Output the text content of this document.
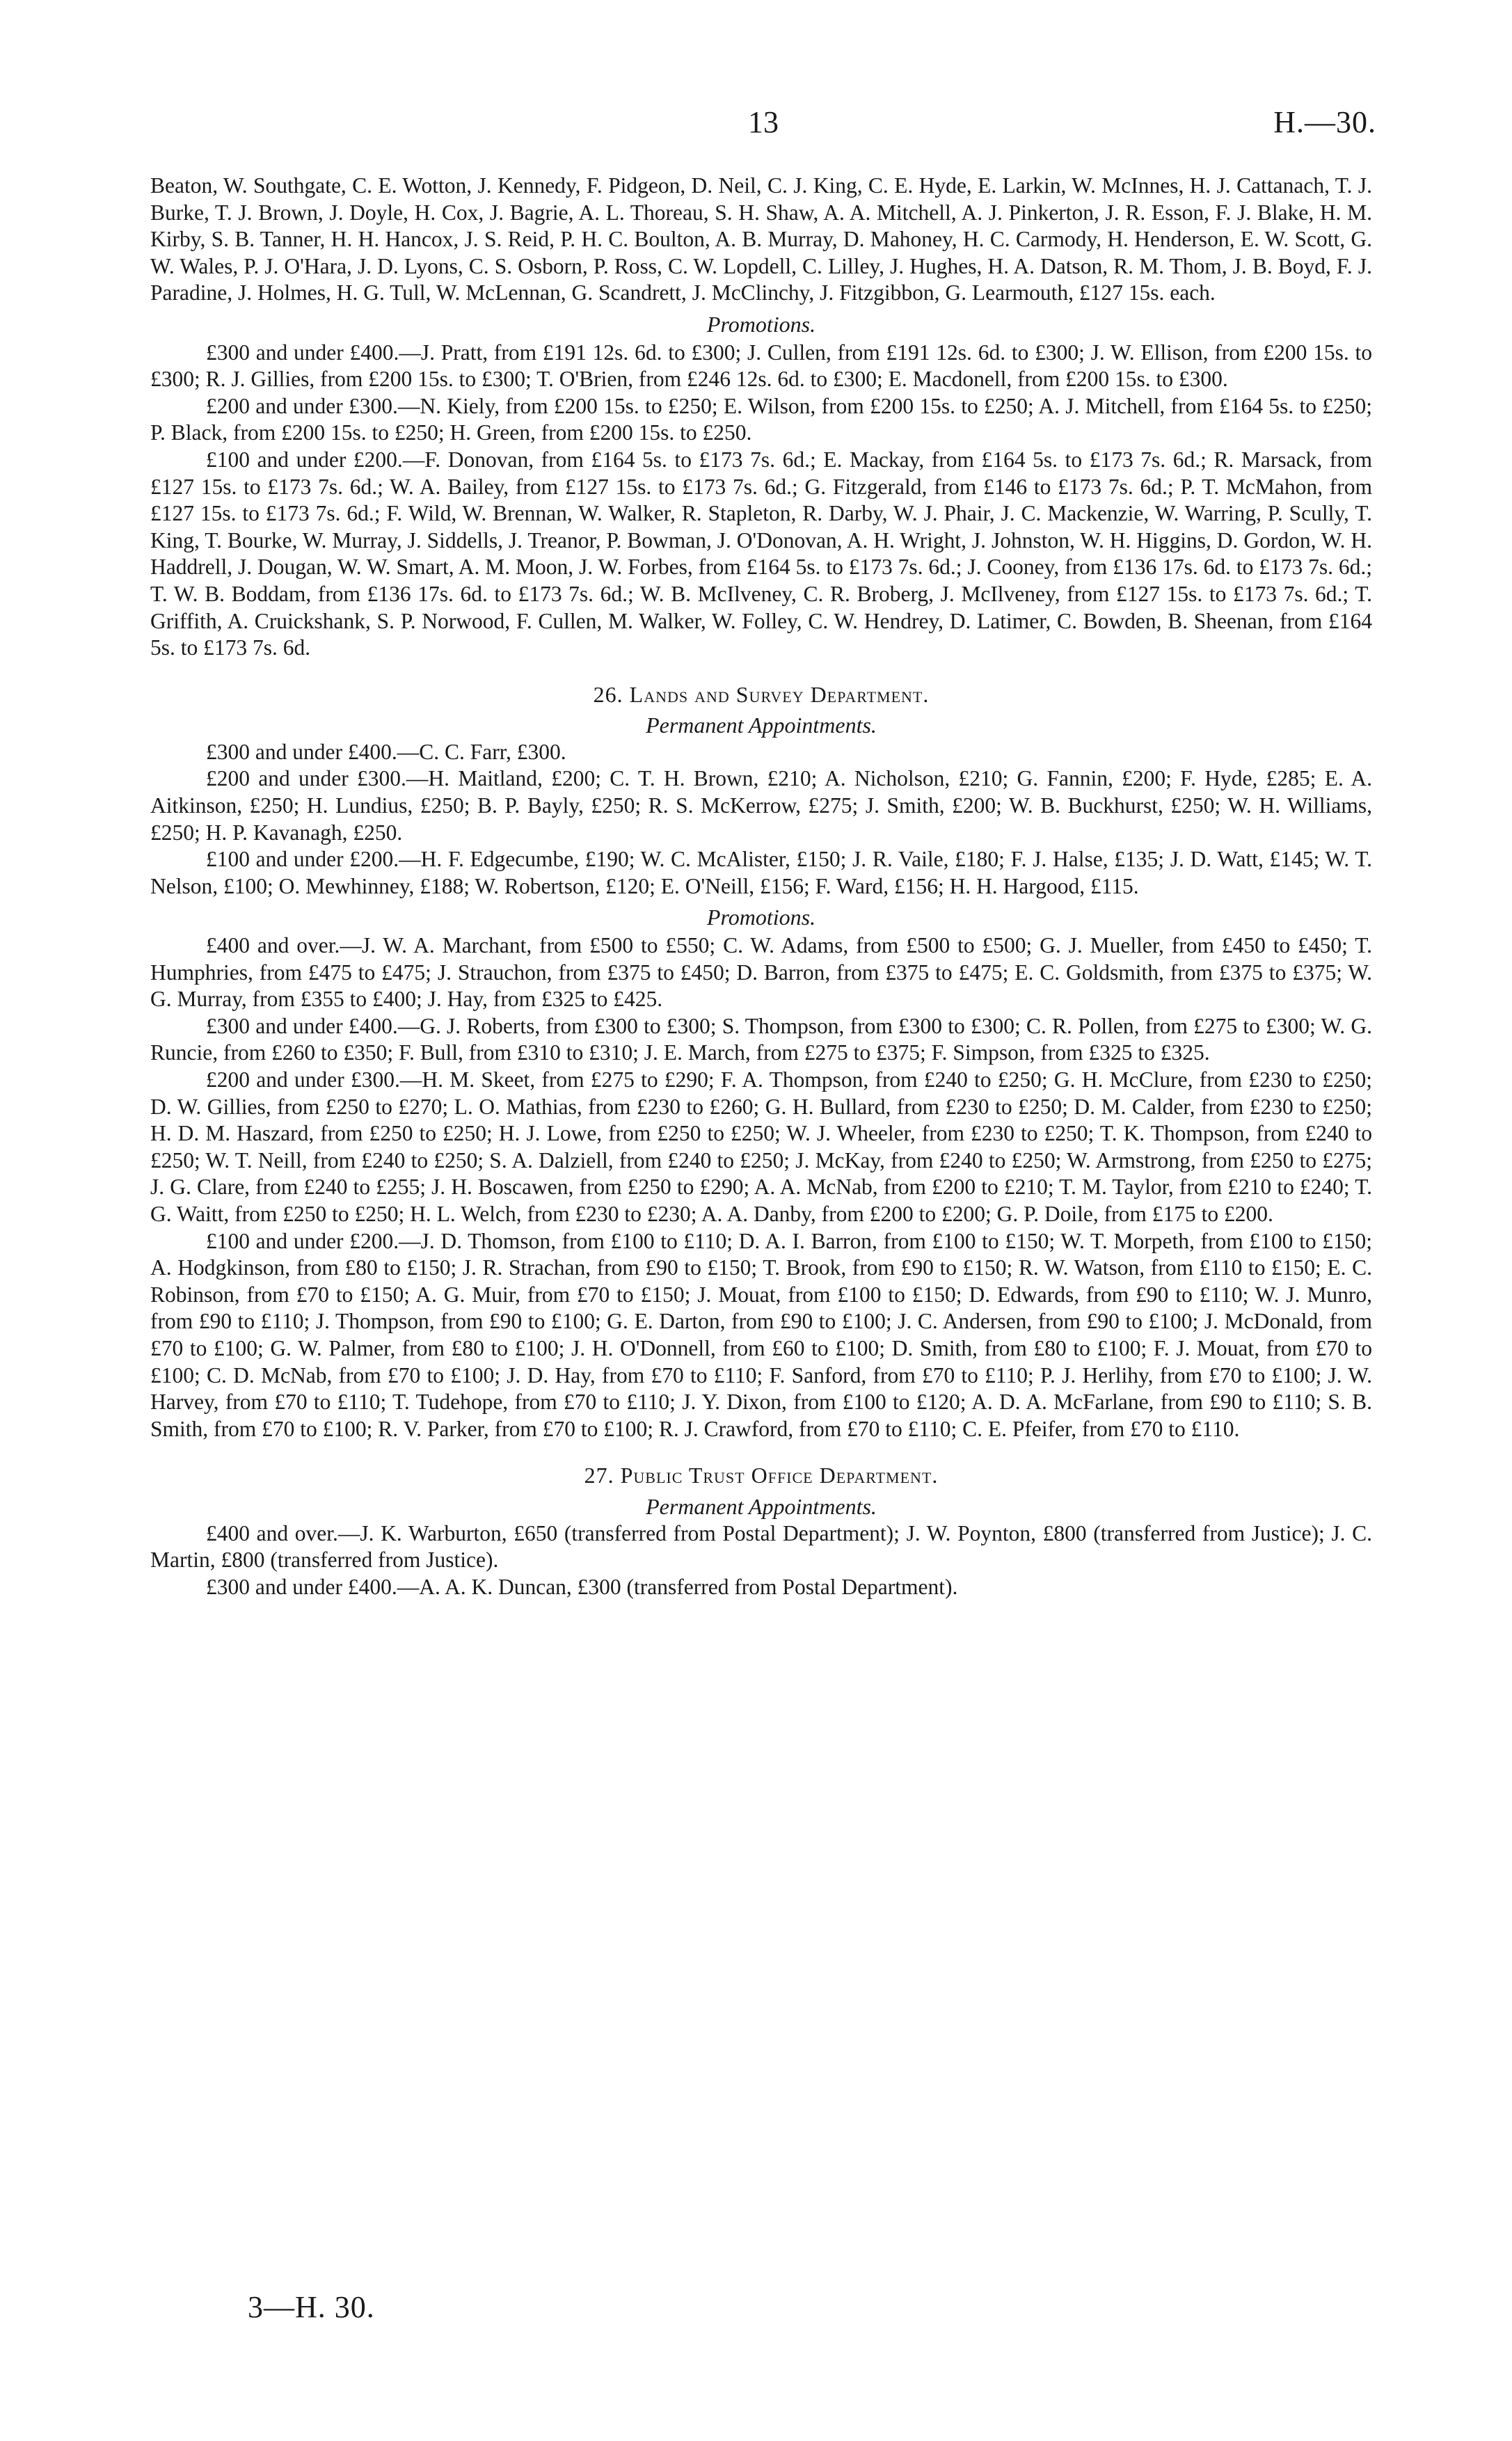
13	H.—30.

Beaton, W. Southgate, C. E. Wotton, J. Kennedy, F. Pidgeon, D. Neil, C. J. King, C. E. Hyde, E. Larkin, W. McInnes, H. J. Cattanach, T. J. Burke, T. J. Brown, J. Doyle, H. Cox, J. Bagrie, A. L. Thoreau, S. H. Shaw, A. A. Mitchell, A. J. Pinkerton, J. R. Esson, F. J. Blake, H. M. Kirby, S. B. Tanner, H. H. Hancox, J. S. Reid, P. H. C. Boulton, A. B. Murray, D. Mahoney, H. C. Carmody, H. Henderson, E. W. Scott, G. W. Wales, P. J. O'Hara, J. D. Lyons, C. S. Osborn, P. Ross, C. W. Lopdell, C. Lilley, J. Hughes, H. A. Datson, R. M. Thom, J. B. Boyd, F. J. Paradine, J. Holmes, H. G. Tull, W. McLennan, G. Scandrett, J. McClinchy, J. Fitzgibbon, G. Learmouth, £127 15s. each.

Promotions.

£300 and under £400.—J. Pratt, from £191 12s. 6d. to £300; J. Cullen, from £191 12s. 6d. to £300; J. W. Ellison, from £200 15s. to £300; R. J. Gillies, from £200 15s. to £300; T. O'Brien, from £246 12s. 6d. to £300; E. Macdonell, from £200 15s. to £300.

£200 and under £300.—N. Kiely, from £200 15s. to £250; E. Wilson, from £200 15s. to £250; A. J. Mitchell, from £164 5s. to £250; P. Black, from £200 15s. to £250; H. Green, from £200 15s. to £250.

£100 and under £200.—F. Donovan, from £164 5s. to £173 7s. 6d.; E. Mackay, from £164 5s. to £173 7s. 6d.; R. Marsack, from £127 15s. to £173 7s. 6d.; W. A. Bailey, from £127 15s. to £173 7s. 6d.; G. Fitzgerald, from £146 to £173 7s. 6d.; P. T. McMahon, from £127 15s. to £173 7s. 6d.; F. Wild, W. Brennan, W. Walker, R. Stapleton, R. Darby, W. J. Phair, J. C. Mackenzie, W. Warring, P. Scully, T. King, T. Bourke, W. Murray, J. Siddells, J. Treanor, P. Bowman, J. O'Donovan, A. H. Wright, J. Johnston, W. H. Higgins, D. Gordon, W. H. Haddrell, J. Dougan, W. W. Smart, A. M. Moon, J. W. Forbes, from £164 5s. to £173 7s. 6d.; J. Cooney, from £136 17s. 6d. to £173 7s. 6d.; T. W. B. Boddam, from £136 17s. 6d. to £173 7s. 6d.; W. B. McIlveney, C. R. Broberg, J. McIlveney, from £127 15s. to £173 7s. 6d.; T. Griffith, A. Cruickshank, S. P. Norwood, F. Cullen, M. Walker, W. Folley, C. W. Hendrey, D. Latimer, C. Bowden, B. Sheenan, from £164 5s. to £173 7s. 6d.

26. Lands and Survey Department.
Permanent Appointments.

£300 and under £400.—C. C. Farr, £300.

£200 and under £300.—H. Maitland, £200; C. T. H. Brown, £210; A. Nicholson, £210; G. Fannin, £200; F. Hyde, £285; E. A. Aitkinson, £250; H. Lundius, £250; B. P. Bayly, £250; R. S. McKerrow, £275; J. Smith, £200; W. B. Buckhurst, £250; W. H. Williams, £250; H. P. Kavanagh, £250.

£100 and under £200.—H. F. Edgecumbe, £190; W. C. McAlister, £150; J. R. Vaile, £180; F. J. Halse, £135; J. D. Watt, £145; W. T. Nelson, £100; O. Mewhinney, £188; W. Robertson, £120; E. O'Neill, £156; F. Ward, £156; H. H. Hargood, £115.

Promotions.

£400 and over.—J. W. A. Marchant, from £500 to £550; C. W. Adams, from £500 to £500; G. J. Mueller, from £450 to £450; T. Humphries, from £475 to £475; J. Strauchon, from £375 to £450; D. Barron, from £375 to £475; E. C. Goldsmith, from £375 to £375; W. G. Murray, from £355 to £400; J. Hay, from £325 to £425.

£300 and under £400.—G. J. Roberts, from £300 to £300; S. Thompson, from £300 to £300; C. R. Pollen, from £275 to £300; W. G. Runcie, from £260 to £350; F. Bull, from £310 to £310; J. E. March, from £275 to £375; F. Simpson, from £325 to £325.

£200 and under £300.—H. M. Skeet, from £275 to £290; F. A. Thompson, from £240 to £250; G. H. McClure, from £230 to £250; D. W. Gillies, from £250 to £270; L. O. Mathias, from £230 to £260; G. H. Bullard, from £230 to £250; D. M. Calder, from £230 to £250; H. D. M. Haszard, from £250 to £250; H. J. Lowe, from £250 to £250; W. J. Wheeler, from £230 to £250; T. K. Thompson, from £240 to £250; W. T. Neill, from £240 to £250; S. A. Dalziell, from £240 to £250; J. McKay, from £240 to £250; W. Armstrong, from £250 to £275; J. G. Clare, from £240 to £255; J. H. Boscawen, from £250 to £290; A. A. McNab, from £200 to £210; T. M. Taylor, from £210 to £240; T. G. Waitt, from £250 to £250; H. L. Welch, from £230 to £230; A. A. Danby, from £200 to £200; G. P. Doile, from £175 to £200.

£100 and under £200.—J. D. Thomson, from £100 to £110; D. A. I. Barron, from £100 to £150; W. T. Morpeth, from £100 to £150; A. Hodgkinson, from £80 to £150; J. R. Strachan, from £90 to £150; T. Brook, from £90 to £150; R. W. Watson, from £110 to £150; E. C. Robinson, from £70 to £150; A. G. Muir, from £70 to £150; J. Mouat, from £100 to £150; D. Edwards, from £90 to £110; W. J. Munro, from £90 to £110; J. Thompson, from £90 to £100; G. E. Darton, from £90 to £100; J. C. Andersen, from £90 to £100; J. McDonald, from £70 to £100; G. W. Palmer, from £80 to £100; J. H. O'Donnell, from £60 to £100; D. Smith, from £80 to £100; F. J. Mouat, from £70 to £100; C. D. McNab, from £70 to £100; J. D. Hay, from £70 to £110; F. Sanford, from £70 to £110; P. J. Herlihy, from £70 to £100; J. W. Harvey, from £70 to £110; T. Tudehope, from £70 to £110; J. Y. Dixon, from £100 to £120; A. D. A. McFarlane, from £90 to £110; S. B. Smith, from £70 to £100; R. V. Parker, from £70 to £100; R. J. Crawford, from £70 to £110; C. E. Pfeifer, from £70 to £110.

27. Public Trust Office Department.
Permanent Appointments.

£400 and over.—J. K. Warburton, £650 (transferred from Postal Department); J. W. Poynton, £800 (transferred from Justice); J. C. Martin, £800 (transferred from Justice).

£300 and under £400.—A. A. K. Duncan, £300 (transferred from Postal Department).

3—H. 30.
